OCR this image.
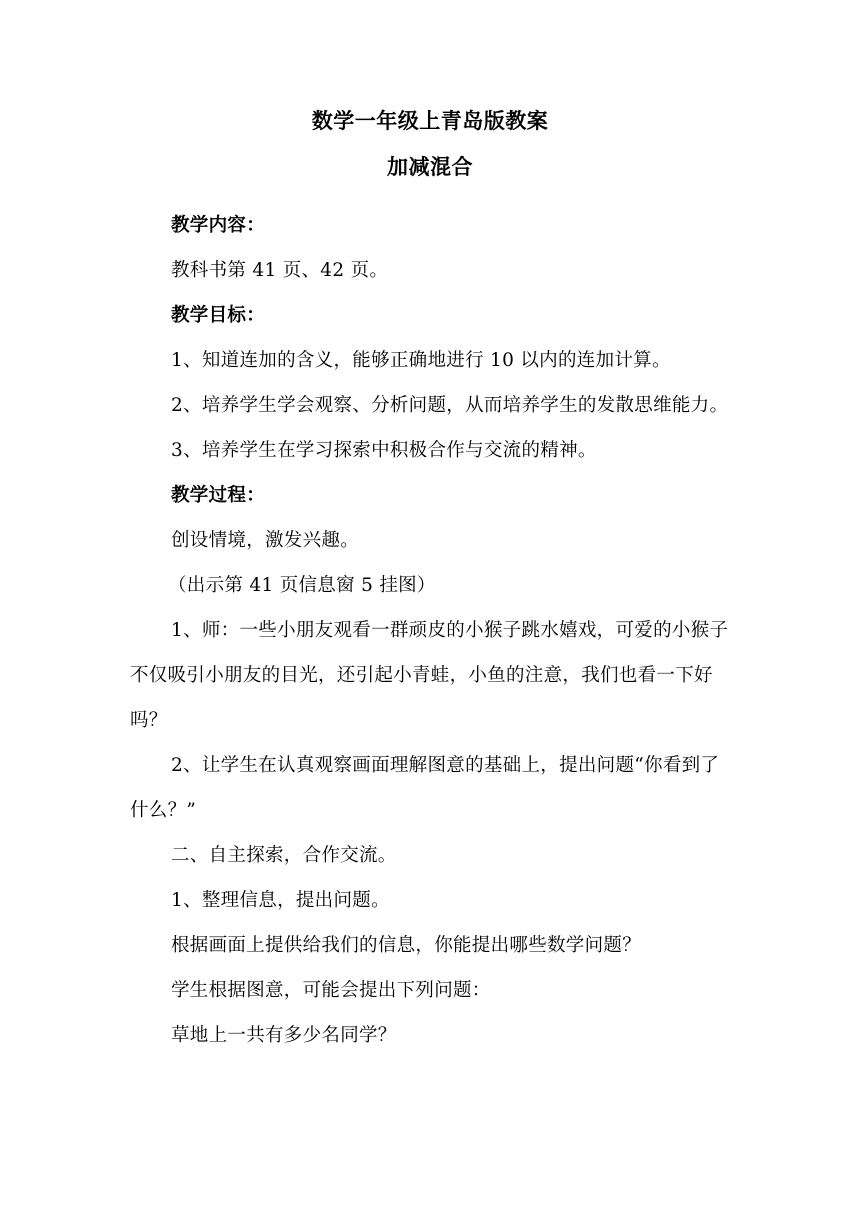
数学一年级上青岛版教案
加减混合

教学内容：

教科书第 41 页、42 页。

教学目标：

1、知道连加的含义，能够正确地进行 10 以内的连加计算。

2、培养学生学会观察、分析问题，从而培养学生的发散思维能力。

3、培养学生在学习探索中积极合作与交流的精神。

教学过程：

创设情境，激发兴趣。

（出示第 41 页信息窗 5 挂图）

1、师：一些小朋友观看一群顽皮的小猴子跳水嬉戏，可爱的小猴子不仅吸引小朋友的目光，还引起小青蛙，小鱼的注意，我们也看一下好吗？

2、让学生在认真观察画面理解图意的基础上，提出问题“你看到了什么？”

二、自主探索，合作交流。

1、整理信息，提出问题。

根据画面上提供给我们的信息，你能提出哪些数学问题？

学生根据图意，可能会提出下列问题：

草地上一共有多少名同学？
